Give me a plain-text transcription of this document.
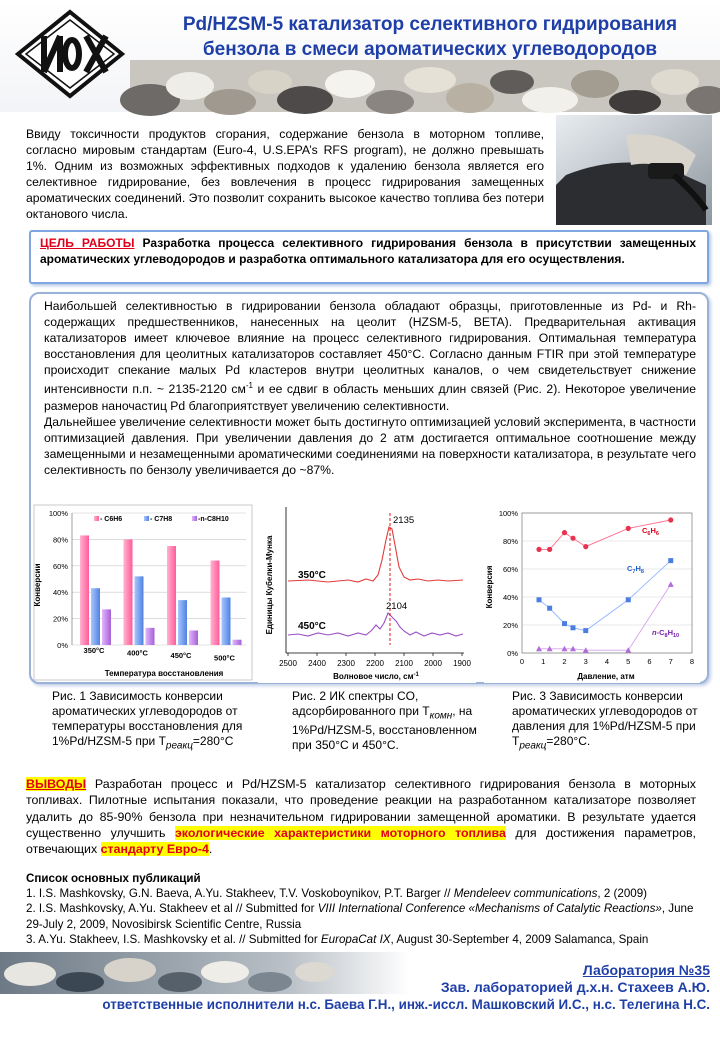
Pd/HZSM-5 катализатор селективного гидрирования
бензола в смеси ароматических углеводородов
Ввиду токсичности продуктов сгорания, содержание бензола в моторном топливе, согласно мировым стандартам (Euro-4, U.S.EPA’s RFS program), не должно превышать 1%. Одним из возможных эффективных подходов к удалению бензола является его селективное гидрирование, без вовлечения в процесс гидрирования замещенных ароматических соединений. Это позволит сохранить высокое качество топлива без потери октанового числа.
ЦЕЛЬ РАБОТЫ Разработка процесса селективного гидрирования бензола в присутствии замещенных ароматических углеводородов и разработка оптимального катализатора для его осуществления.

Наибольшей селективностью в гидрировании бензола обладают образцы, приготовленные из Pd- и Rh-содержащих предшественников, нанесенных на цеолит (HZSM-5, BETA). Предварительная активация катализаторов имеет ключевое влияние на процесс селективного гидрирования. Оптимальная температура восстановления для цеолитных катализаторов составляет 450°С. Согласно данным FTIR при этой температуре происходит спекание малых Pd кластеров внутри цеолитных каналов, о чем свидетельствует снижение интенсивности п.п. ~ 2135-2120 $см^{-1}$ и ее сдвиг в область меньших длин связей (Рис. 2). Некоторое увеличение размеров наночастиц Pd благоприятствует увеличению селективности.

Дальнейшее увеличение селективности может быть достигнуто оптимизацией условий эксперимента, в частности оптимизацией давления. При увеличении давления до 2 атм достигается оптимальное соотношение между замещенными и незамещенными ароматическими соединениями на поверхности катализатора, в результате чего селективность по бензолу увеличивается до ~87%.

0%
20%
40%
60%
80%
100%
350°C	400°C	450°C	500°C
- C6H6	- C7H8	-n-C8H10
Температура восстановления
Конверсии
2135
2104
350°C
450°C
2500 2400 2300 2200 2100 2000 1900
Волновое число, $см^{-1}$
Единицы Кубелки-Мунка
0%
20%
40%
60%
80%
100%
0 1 2 3 4 5 6 7 8
$C_6H_6$
$C_7H_8$
$n-C_8H_{10}$
Давление, атм
Конверсия
Рис. 1 Зависимость конверсии ароматических углеводородов от температуры восстановления для 1%Pd/HZSM-5 при $Т_{реакц}=280^\circ С$
Рис. 2 ИК спектры CO, адсорбированного при $Т_{комн}$, на 1%Pd/HZSM-5, восстановленном при 350°С и 450°С.
Рис. 3 Зависимость конверсии ароматических углеводородов от давления для 1%Pd/HZSM-5 при $Т_{реакц}=280^\circ С$.
ВЫВОДЫ Разработан процесс и Pd/HZSM-5 катализатор селективного гидрирования бензола в моторных топливах. Пилотные испытания показали, что проведение реакции на разработанном катализаторе позволяет удалить до 85-90% бензола при незначительном гидрировании замещенной ароматики. В результате удается существенно улучшить экологические характеристики моторного топлива для достижения параметров, отвечающих стандарту Евро-4.
Список основных публикаций
1. I.S. Mashkovsky, G.N. Baeva, A.Yu. Stakheev, T.V. Voskoboynikov, P.T. Barger // Mendeleev communications, 2 (2009)
2. I.S. Mashkovsky, A.Yu. Stakheev et al // Submitted for VIII International Conference «Mechanisms of Catalytic Reactions», June 29-July 2, 2009, Novosibirsk Scientific Centre, Russia
3. A.Yu. Stakheev, I.S. Mashkovsky et al. // Submitted for EuropaCat IX, August 30-September 4, 2009 Salamanca, Spain
Лаборатория №35
Зав. лабораторией д.х.н. Стахеев А.Ю.
ответственные исполнители н.с. Баева Г.Н., инж.-иссл. Машковский И.С., н.с. Телегина Н.С.
